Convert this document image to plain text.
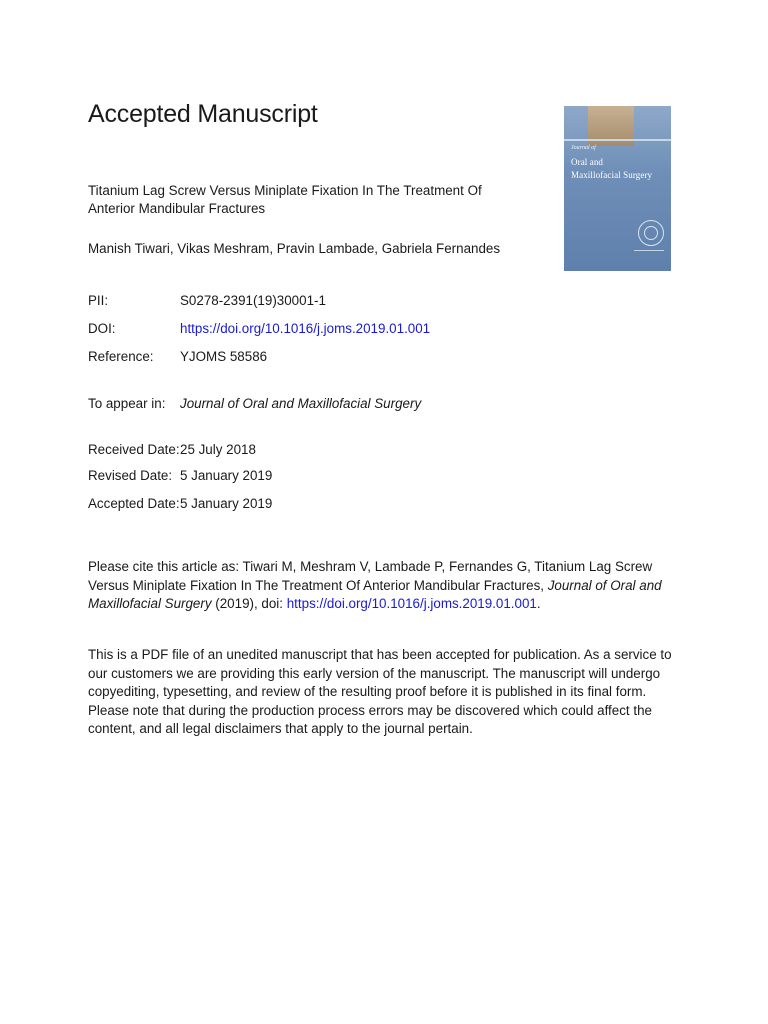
Accepted Manuscript

Titanium Lag Screw Versus Miniplate Fixation In The Treatment Of Anterior Mandibular Fractures

Manish Tiwari, Vikas Meshram, Pravin Lambade, Gabriela Fernandes

Journal of
Oral and
Maxillofacial Surgery
PII:	S0278-2391(19)30001-1
DOI:	https://doi.org/10.1016/j.joms.2019.01.001
Reference: YJOMS 58586
To appear in: Journal of Oral and Maxillofacial Surgery
Received Date:25 July 2018
Revised Date: 5 January 2019
Accepted Date:5 January 2019

Please cite this article as: Tiwari M, Meshram V, Lambade P, Fernandes G, Titanium Lag Screw Versus Miniplate Fixation In The Treatment Of Anterior Mandibular Fractures, Journal of Oral and Maxillofacial Surgery (2019), doi: https://doi.org/10.1016/j.joms.2019.01.001.

This is a PDF file of an unedited manuscript that has been accepted for publication. As a service to our customers we are providing this early version of the manuscript. The manuscript will undergo copyediting, typesetting, and review of the resulting proof before it is published in its final form. Please note that during the production process errors may be discovered which could affect the content, and all legal disclaimers that apply to the journal pertain.
